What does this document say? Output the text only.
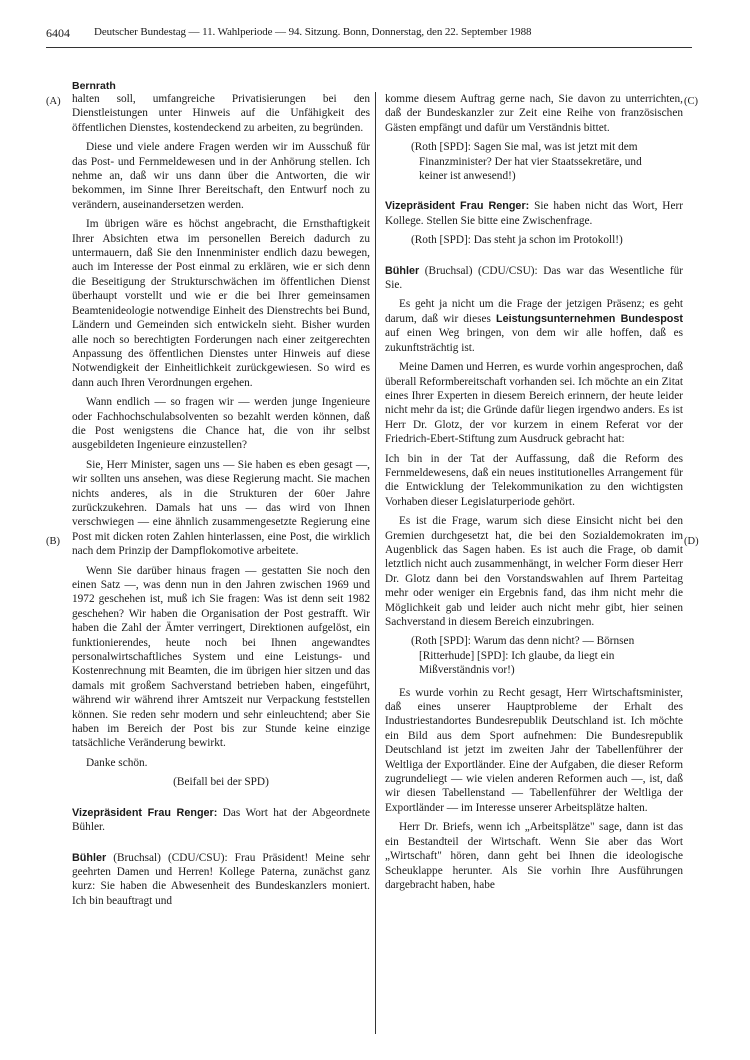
6404 Deutscher Bundestag — 11. Wahlperiode — 94. Sitzung. Bonn, Donnerstag, den 22. September 1988
(A)
(B)
(C)
(D)
Bernrath

halten soll, umfangreiche Privatisierungen bei den Dienstleistungen unter Hinweis auf die Unfähigkeit des öffentlichen Dienstes, kostendeckend zu arbeiten, zu begründen.

Diese und viele andere Fragen werden wir im Ausschuß für das Post- und Fernmeldewesen und in der Anhörung stellen. Ich nehme an, daß wir uns dann über die Antworten, die wir bekommen, im Sinne Ihrer Bereitschaft, den Entwurf noch zu verändern, auseinandersetzen werden.

Im übrigen wäre es höchst angebracht, die Ernsthaftigkeit Ihrer Absichten etwa im personellen Bereich dadurch zu untermauern, daß Sie den Innenminister endlich dazu bewegen, auch im Interesse der Post einmal zu erklären, wie er sich denn die Beseitigung der Strukturschwächen im öffentlichen Dienst überhaupt vorstellt und wie er die bei Ihrer gemeinsamen Beamtenideologie notwendige Einheit des Dienstrechts bei Bund, Ländern und Gemeinden sich entwickeln sieht. Bisher wurden alle noch so berechtigten Forderungen nach einer zeitgerechten Anpassung des öffentlichen Dienstes unter Hinweis auf diese Notwendigkeit der Einheitlichkeit zurückgewiesen. So wird es dann auch Ihren Verordnungen ergehen.

Wann endlich — so fragen wir — werden junge Ingenieure oder Fachhochschulabsolventen so bezahlt werden können, daß die Post wenigstens die Chance hat, die von ihr selbst ausgebildeten Ingenieure einzustellen?

Sie, Herr Minister, sagen uns — Sie haben es eben gesagt —, wir sollten uns ansehen, was diese Regierung macht. Sie machen nichts anderes, als in die Strukturen der 60er Jahre zurückzukehren. Damals hat uns — das wird von Ihnen verschwiegen — eine ähnlich zusammengesetzte Regierung eine Post mit dicken roten Zahlen hinterlassen, eine Post, die wirklich nach dem Prinzip der Dampflokomotive arbeitete.

Wenn Sie darüber hinaus fragen — gestatten Sie noch den einen Satz —, was denn nun in den Jahren zwischen 1969 und 1972 geschehen ist, muß ich Sie fragen: Was ist denn seit 1982 geschehen? Wir haben die Organisation der Post gestrafft. Wir haben die Zahl der Ämter verringert, Direktionen aufgelöst, ein funktionierendes, heute noch bei Ihnen angewandtes personalwirtschaftliches System und eine Leistungs- und Kostenrechnung mit Beamten, die im übrigen hier sitzen und das damals mit großem Sachverstand betrieben haben, eingeführt, während wir während ihrer Amtszeit nur Verpackung feststellen können. Sie reden sehr modern und sehr einleuchtend; aber Sie haben im Bereich der Post bis zur Stunde keine einzige tatsächliche Veränderung bewirkt.

Danke schön.

(Beifall bei der SPD)

Vizepräsident Frau Renger: Das Wort hat der Abgeordnete Bühler.

Bühler (Bruchsal) (CDU/CSU): Frau Präsident! Meine sehr geehrten Damen und Herren! Kollege Paterna, zunächst ganz kurz: Sie haben die Abwesenheit des Bundeskanzlers moniert. Ich bin beauftragt und

komme diesem Auftrag gerne nach, Sie davon zu unterrichten, daß der Bundeskanzler zur Zeit eine Reihe von französischen Gästen empfängt und dafür um Verständnis bittet.

(Roth [SPD]: Sagen Sie mal, was ist jetzt mit dem Finanzminister? Der hat vier Staatssekretäre, und keiner ist anwesend!)

Vizepräsident Frau Renger: Sie haben nicht das Wort, Herr Kollege. Stellen Sie bitte eine Zwischenfrage.

(Roth [SPD]: Das steht ja schon im Protokoll!)

Bühler (Bruchsal) (CDU/CSU): Das war das Wesentliche für Sie.

Es geht ja nicht um die Frage der jetzigen Präsenz; es geht darum, daß wir dieses Leistungsunternehmen Bundespost auf einen Weg bringen, von dem wir alle hoffen, daß es zukunftsträchtig ist.

Meine Damen und Herren, es wurde vorhin angesprochen, daß überall Reformbereitschaft vorhanden sei. Ich möchte an ein Zitat eines Ihrer Experten in diesem Bereich erinnern, der heute leider nicht mehr da ist; die Gründe dafür liegen irgendwo anders. Es ist Herr Dr. Glotz, der vor kurzem in einem Referat vor der Friedrich-Ebert-Stiftung zum Ausdruck gebracht hat:

Ich bin in der Tat der Auffassung, daß die Reform des Fernmeldewesens, daß ein neues institutionelles Arrangement für die Entwicklung der Telekommunikation zu den wichtigsten Vorhaben dieser Legislaturperiode gehört.

Es ist die Frage, warum sich diese Einsicht nicht bei den Gremien durchgesetzt hat, die bei den Sozialdemokraten im Augenblick das Sagen haben. Es ist auch die Frage, ob damit letztlich nicht auch zusammenhängt, in welcher Form dieser Herr Dr. Glotz dann bei den Vorstandswahlen auf Ihrem Parteitag mehr oder weniger ein Ergebnis fand, das ihm nicht mehr die Möglichkeit gab und leider auch nicht mehr gibt, hier seinen Sachverstand in diesem Bereich einzubringen.

(Roth [SPD]: Warum das denn nicht? — Börnsen [Ritterhude] [SPD]: Ich glaube, da liegt ein Mißverständnis vor!)

Es wurde vorhin zu Recht gesagt, Herr Wirtschaftsminister, daß eines unserer Hauptprobleme der Erhalt des Industriestandortes Bundesrepublik Deutschland ist. Ich möchte ein Bild aus dem Sport aufnehmen: Die Bundesrepublik Deutschland ist jetzt im zweiten Jahr der Tabellenführer der Weltliga der Exportländer. Eine der Aufgaben, die dieser Reform zugrundeliegt — wie vielen anderen Reformen auch —, ist, daß wir diesen Tabellenstand — Tabellenführer der Weltliga der Exportländer — im Interesse unserer Arbeitsplätze halten.

Herr Dr. Briefs, wenn ich „Arbeitsplätze" sage, dann ist das ein Bestandteil der Wirtschaft. Wenn Sie aber das Wort „Wirtschaft" hören, dann geht bei Ihnen die ideologische Scheuklappe herunter. Als Sie vorhin Ihre Ausführungen dargebracht haben, habe
